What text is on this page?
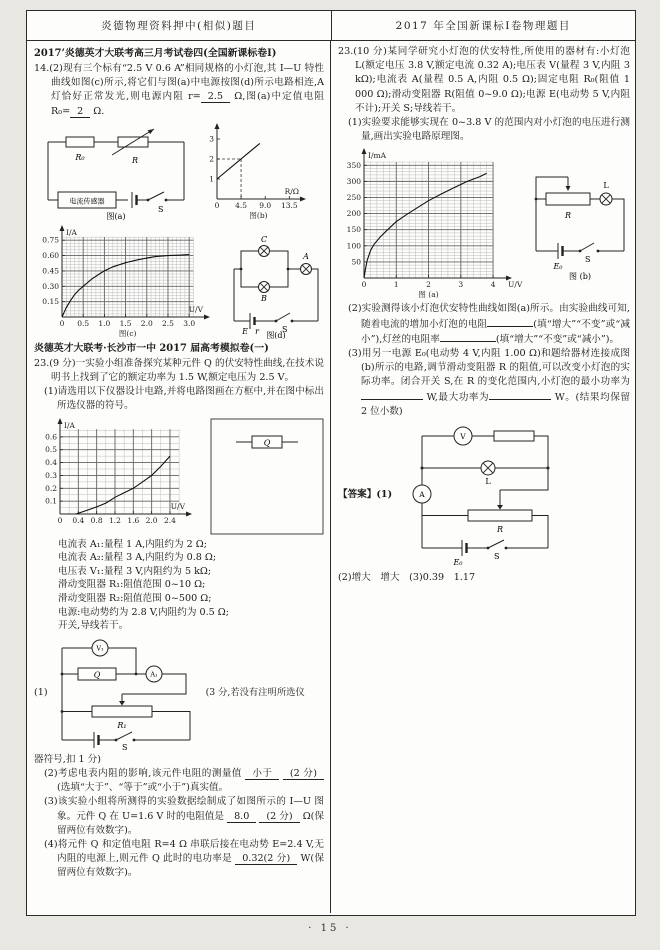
炎德物理资料押中(相似)题目	2017 年全国新课标Ⅰ卷物理题目
2017’炎德英才大联考高三月考试卷四(全国新课标卷Ⅰ)

14.(2)现有三个标有“2.5 V 0.6 A”相同规格的小灯泡,其 I—U 特性曲线如图(c)所示,将它们与图(a)中电源按图(d)所示电路相连,A 灯恰好正常发光,则电源内阻 r= 2.5 Ω,图(a)中定值电阻 R₀= 2 Ω.

R₀	R
电流传感器
S
图(a)
0 4.5 9.0 13.5
1
2
3
R/Ω
图(b)
0 0.5 1.0 1.5 2.0 2.5 3.0
0.15
0.30
0.45
0.60
0.75
I/A
U/V
图(c)
C
B
A
E r	S
图(d)
炎德英才大联考·长沙市一中 2017 届高考模拟卷(一)

23.(9 分)一实验小组准备探究某种元件 Q 的伏安特性曲线,在技术说明书上找到了它的额定功率为 1.5 W,额定电压为 2.5 V。

(1)请选用以下仪器设计电路,并将电路图画在方框中,并在图中标出所选仪器的符号。

0 0.4 0.8 1.2 1.6 2.0 2.4
0.1
0.2
0.3
0.4
0.5
0.6
I/A
U/V
Q
电流表 A₁:量程 1 A,内阻约为 2 Ω;
电流表 A₂:量程 3 A,内阻约为 0.8 Ω;
电压表 V₁:量程 3 V,内阻约为 5 kΩ;
滑动变阻器 R₁:阻值范围 0~10 Ω;
滑动变阻器 R₂:阻值范围 0~500 Ω;
电源:电动势约为 2.8 V,内阻约为 0.5 Ω;
开关,导线若干。
(1)
V₁
Q	A₁
R₁
S
(3 分,若没有注明所选仪
器符号,扣 1 分)

(2)考虑电表内阻的影响,该元件电阻的测量值 小于 (2 分) (选填“大于”、“等于”或“小于”)真实值。

(3)该实验小组将所测得的实验数据绘制成了如图所示的 I—U 图象。元件 Q 在 U=1.6 V 时的电阻值是 8.0 (2 分) Ω(保留两位有效数字)。

(4)将元件 Q 和定值电阻 R=4 Ω 串联后接在电动势 E=2.4 V,无内阻的电源上,则元件 Q 此时的电功率是 0.32(2 分) W(保留两位有效数字)。

23.(10 分)某同学研究小灯泡的伏安特性,所使用的器材有:小灯泡 L(额定电压 3.8 V,额定电流 0.32 A);电压表 V(量程 3 V,内阻 3 kΩ);电流表 A(量程 0.5 A,内阻 0.5 Ω);固定电阻 R₀(阻值 1 000 Ω);滑动变阻器 R(阻值 0~9.0 Ω);电源 E(电动势 5 V,内阻不计);开关 S;导线若干。

(1)实验要求能够实现在 0~3.8 V 的范围内对小灯泡的电压进行测量,画出实验电路原理图。

0	1	2	3	4
50
100
150
200
250
300
350
I/mA
U/V
图 (a)
R
L
E₀
S
图 (b)

(2)实验测得该小灯泡伏安特性曲线如图(a)所示。由实验曲线可知,随着电流的增加小灯泡的电阻	(填“增大”“不变”或“减小”),灯丝的电阻率	(填“增大”“不变”或“减小”)。

(3)用另一电源 E₀(电动势 4 V,内阻 1.00 Ω)和题给器材连接成图(b)所示的电路,调节滑动变阻器 R 的阻值,可以改变小灯泡的实际功率。闭合开关 S,在 R 的变化范围内,小灯泡的最小功率为 W,最大功率为	W。(结果均保留 2 位小数)

【答案】(1)
V
A
L
R
E₀
S
(2)增大　增大　(3)0.39　1.17
· 15 ·
